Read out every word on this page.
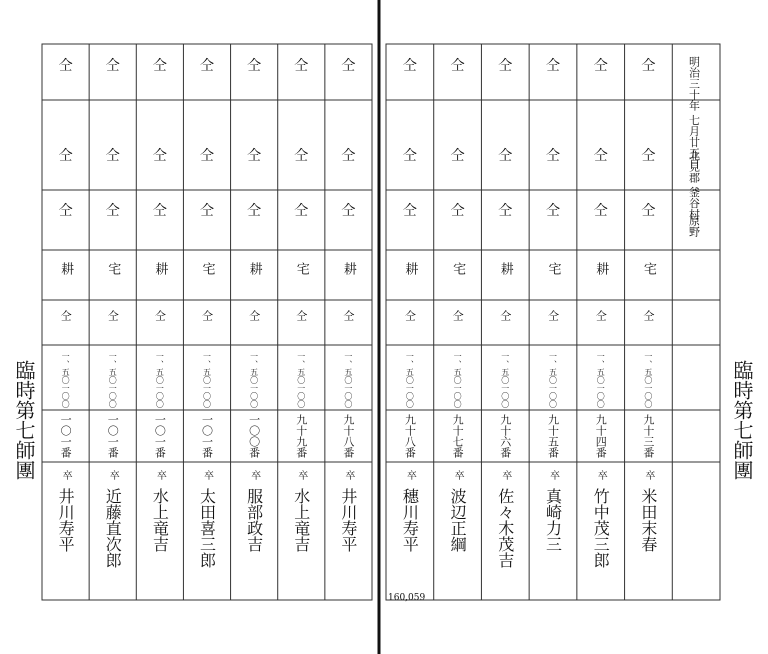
仝
仝
仝
耕
仝
一、五〇一〇〇
一〇一番
卒
井川寿平
仝
仝
仝
宅
仝
一、五〇一〇〇
一〇一番
卒
近藤直次郎
仝
仝
仝
耕
仝
一、五〇一〇〇
一〇一番
卒
水上竜吉
仝
仝
仝
宅
仝
一、五〇一〇〇
一〇一番
卒
太田喜三郎
仝
仝
仝
耕
仝
一、五〇一〇〇
一〇〇番
卒
服部政吉
仝
仝
仝
宅
仝
一、五〇一〇〇
九十九番
卒
水上竜吉
仝
仝
仝
耕
仝
一、五〇一〇〇
九十八番
卒
井川寿平
仝
仝
仝
耕
仝
一、五〇一〇〇
九十八番
卒
穗川寿平
仝
仝
仝
宅
仝
一、五〇一〇〇
九十七番
卒
波辺正綱
仝
仝
仝
耕
仝
一、五〇一〇〇
九十六番
卒
佐々木茂吉
仝
仝
仝
宅
仝
一、五〇一〇〇
九十五番
卒
真崎力三
仝
仝
仝
耕
仝
一、五〇一〇〇
九十四番
卒
竹中茂三郎
仝
仝
仝
宅
仝
一、五〇一〇〇
九十三番
卒
米田末春
明治三十年 七月廿五日
北見郡 釜谷村
原野
臨時第七師團	臨時第七師團
160,059
